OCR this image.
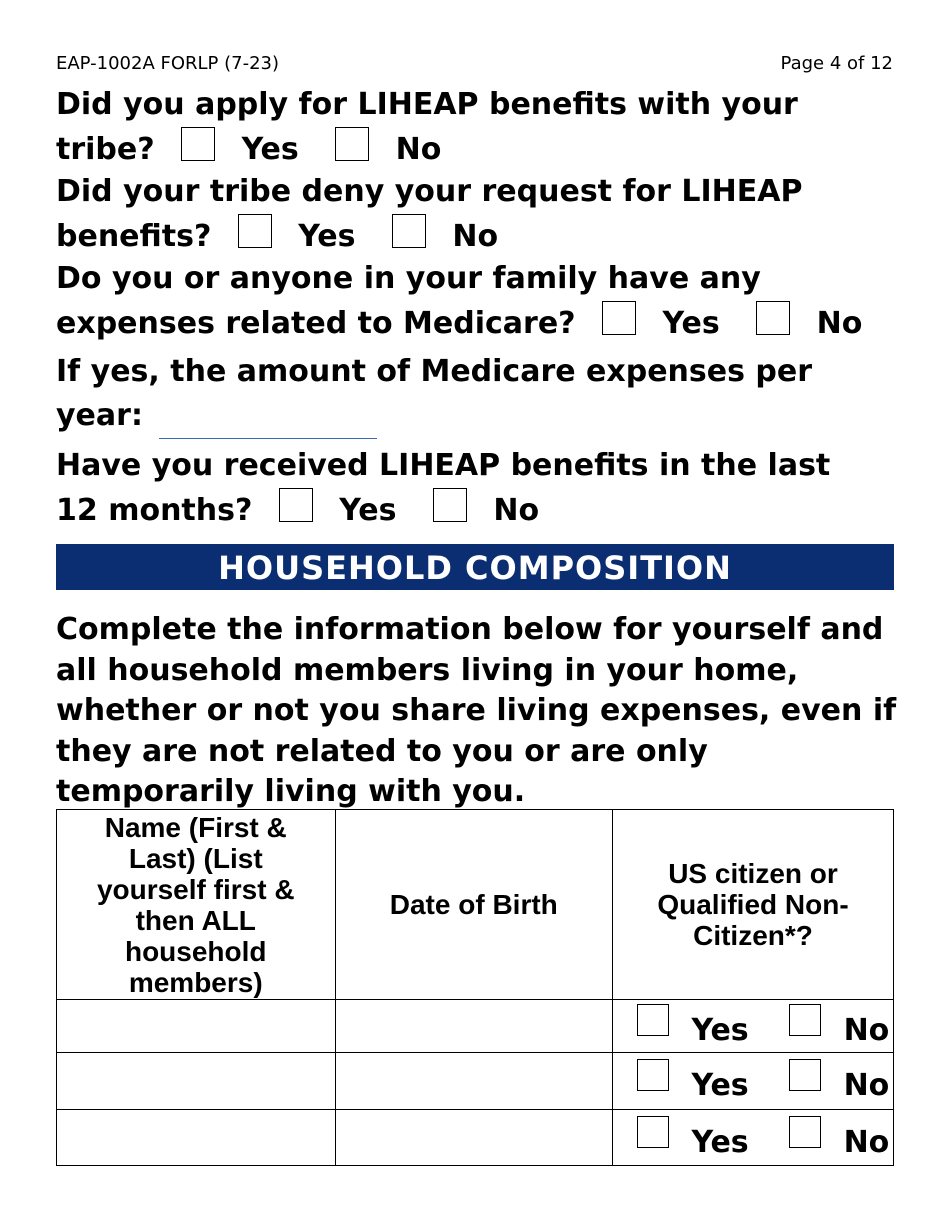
EAP-1002A FORLP (7-23)	Page 4 of 12
Did you apply for LIHEAP benefits with your
tribe?	Yes	No
Did your tribe deny your request for LIHEAP
benefits?	Yes	No
Do you or anyone in your family have any
expenses related to Medicare?	Yes	No
If yes, the amount of Medicare expenses per
year:
Have you received LIHEAP benefits in the last
12 months?	Yes	No
HOUSEHOLD COMPOSITION
Complete the information below for yourself and all household members living in your home, whether or not you share living expenses, even if they are not related to you or are only temporarily living with you.
Name (First & Last) (List yourself first & then ALL household members)	Date of Birth	US citizen or Qualified Non-Citizen*?

		Yes No
		Yes No
		Yes No
